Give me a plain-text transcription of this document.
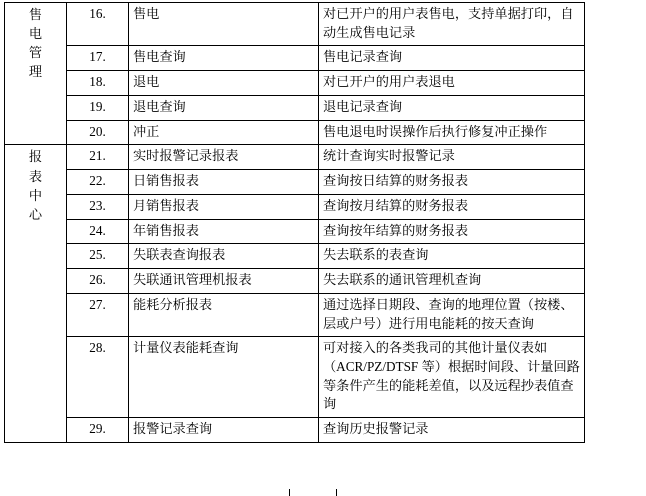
售电管理	16.	售电	对已开户的用户表售电，支持单据打印，自动生成售电记录
	17.	售电查询	售电记录查询
	18.	退电	对已开户的用户表退电
	19.	退电查询	退电记录查询
	20.	冲正	售电退电时误操作后执行修复冲正操作
报表中心	21.	实时报警记录报表	统计查询实时报警记录
	22.	日销售报表	查询按日结算的财务报表
	23.	月销售报表	查询按月结算的财务报表
	24.	年销售报表	查询按年结算的财务报表
	25.	失联表查询报表	失去联系的表查询
	26.	失联通讯管理机报表	失去联系的通讯管理机查询
	27.	能耗分析报表	通过选择日期段、查询的地理位置（按楼、层或户号）进行用电能耗的按天查询
	28.	计量仪表能耗查询	可对接入的各类我司的其他计量仪表如（ACR/PZ/DTSF 等）根据时间段、计量回路等条件产生的能耗差值，以及远程抄表值查询
	29.	报警记录查询	查询历史报警记录
